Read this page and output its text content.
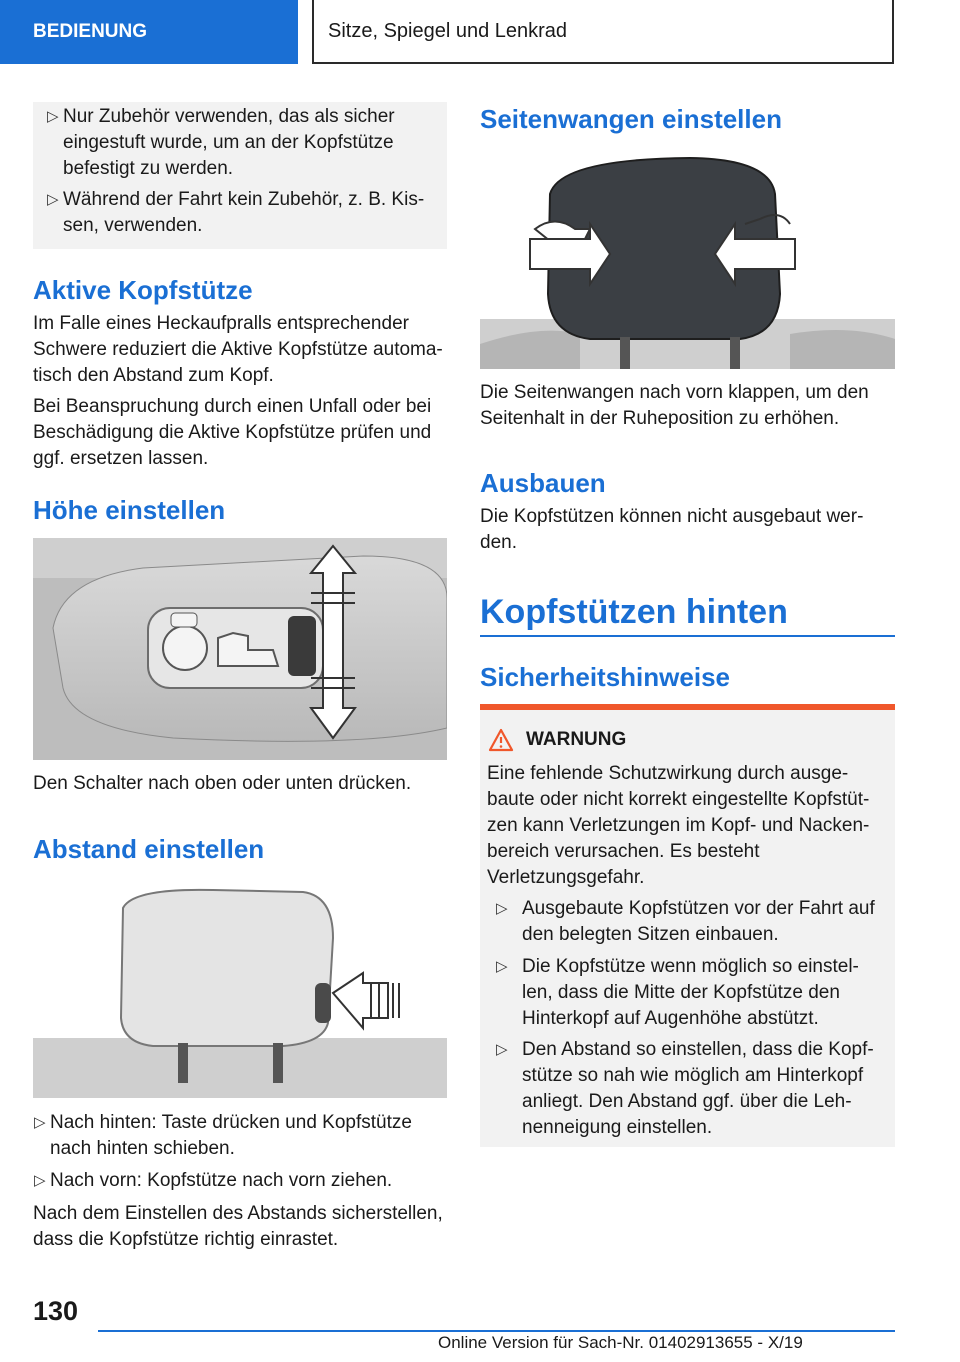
BEDIENUNG	Sitze, Spiegel und Lenkrad
▷ Nur Zubehör verwenden, das als sicher eingestuft wurde, um an der Kopfstütze befestigt zu werden.
▷ Während der Fahrt kein Zubehör, z. B. Kis-sen, verwenden.
Aktive Kopfstütze

Im Falle eines Heckaufpralls entsprechender Schwere reduziert die Aktive Kopfstütze automa-tisch den Abstand zum Kopf.

Bei Beanspruchung durch einen Unfall oder bei Beschädigung die Aktive Kopfstütze prüfen und ggf. ersetzen lassen.

Höhe einstellen

Den Schalter nach oben oder unten drücken.

Abstand einstellen
▷ Nach hinten: Taste drücken und Kopfstütze nach hinten schieben.
▷ Nach vorn: Kopfstütze nach vorn ziehen.

Nach dem Einstellen des Abstands sicherstellen, dass die Kopfstütze richtig einrastet.

Seitenwangen einstellen

Die Seitenwangen nach vorn klappen, um den Seitenhalt in der Ruheposition zu erhöhen.

Ausbauen

Die Kopfstützen können nicht ausgebaut wer-den.

Kopfstützen hinten
Sicherheitshinweise
WARNUNG

Eine fehlende Schutzwirkung durch ausge-baute oder nicht korrekt eingestellte Kopfstüt-zen kann Verletzungen im Kopf- und Nacken-bereich verursachen. Es besteht Verletzungsgefahr.

▷ Ausgebaute Kopfstützen vor der Fahrt auf den belegten Sitzen einbauen.
▷ Die Kopfstütze wenn möglich so einstel-len, dass die Mitte der Kopfstütze den Hinterkopf auf Augenhöhe abstützt.
▷ Den Abstand so einstellen, dass die Kopf-stütze so nah wie möglich am Hinterkopf anliegt. Den Abstand ggf. über die Leh-nenneigung einstellen.
130
Online Version für Sach-Nr. 01402913655 - X/19
